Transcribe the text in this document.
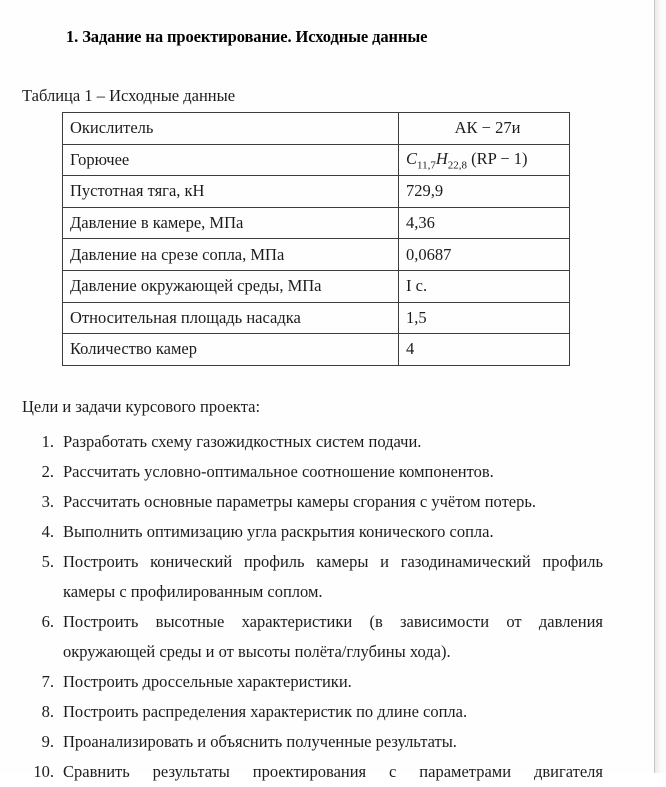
1. Задание на проектирование. Исходные данные
Таблица 1 – Исходные данные
Окислитель	АК − 27и
Горючее	$C_{11,7}H_{22,8}$ (RP − 1)
Пустотная тяга, кН	729,9
Давление в камере, МПа	4,36
Давление на срезе сопла, МПа	0,0687
Давление окружающей среды, МПа	I с.
Относительная площадь насадка	1,5
Количество камер	4
Цели и задачи курсового проекта:
1. Разработать схему газожидкостных систем подачи.
2. Рассчитать условно-оптимальное соотношение компонентов.
3. Рассчитать основные параметры камеры сгорания с учётом потерь.
4. Выполнить оптимизацию угла раскрытия конического сопла.
5. Построить конический профиль камеры и газодинамический профиль
камеры с профилированным соплом.
6. Построить высотные характеристики (в зависимости от давления
окружающей среды и от высоты полёта/глубины хода).
7. Построить дроссельные характеристики.
8. Построить распределения характеристик по длине сопла.
9. Проанализировать и объяснить полученные результаты.
10. Сравнить результаты проектирования с параметрами двигателя
